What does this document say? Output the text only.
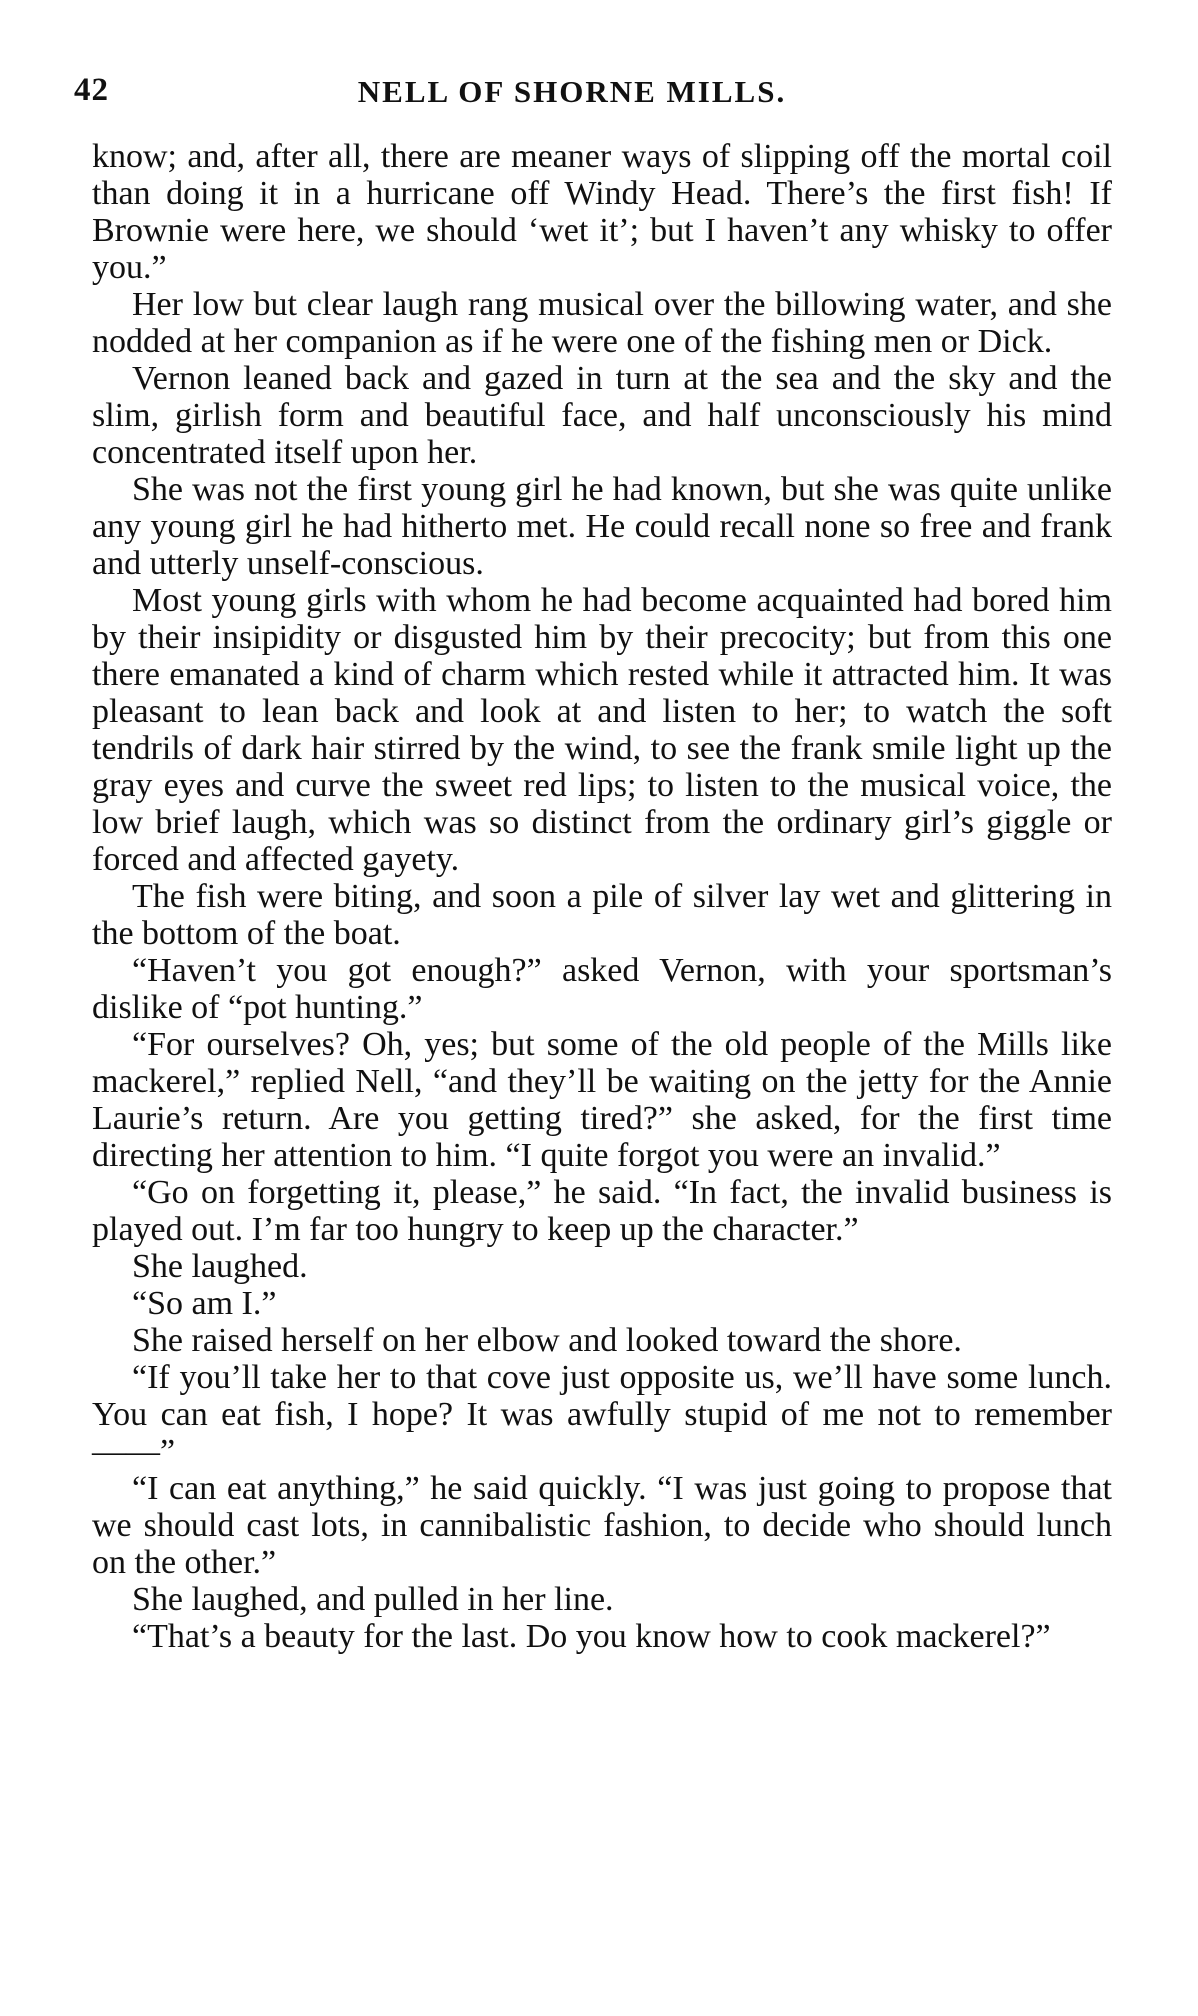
42	NELL OF SHORNE MILLS.

know; and, after all, there are meaner ways of slipping off the mortal coil than doing it in a hurricane off Windy Head. There’s the first fish! If Brownie were here, we should ‘wet it’; but I haven’t any whisky to offer you.”

Her low but clear laugh rang musical over the billowing water, and she nodded at her companion as if he were one of the fishing men or Dick.

Vernon leaned back and gazed in turn at the sea and the sky and the slim, girlish form and beautiful face, and half unconsciously his mind concentrated itself upon her.

She was not the first young girl he had known, but she was quite unlike any young girl he had hitherto met. He could recall none so free and frank and utterly unself-conscious.

Most young girls with whom he had become acquainted had bored him by their insipidity or disgusted him by their precocity; but from this one there emanated a kind of charm which rested while it attracted him. It was pleasant to lean back and look at and listen to her; to watch the soft tendrils of dark hair stirred by the wind, to see the frank smile light up the gray eyes and curve the sweet red lips; to listen to the musical voice, the low brief laugh, which was so distinct from the ordinary girl’s giggle or forced and affected gayety.

The fish were biting, and soon a pile of silver lay wet and glittering in the bottom of the boat.

“Haven’t you got enough?” asked Vernon, with your sportsman’s dislike of “pot hunting.”

“For ourselves? Oh, yes; but some of the old people of the Mills like mackerel,” replied Nell, “and they’ll be waiting on the jetty for the Annie Laurie’s return. Are you getting tired?” she asked, for the first time directing her attention to him. “I quite forgot you were an invalid.”

“Go on forgetting it, please,” he said. “In fact, the invalid business is played out. I’m far too hungry to keep up the character.”

She laughed.

“So am I.”

She raised herself on her elbow and looked toward the shore.

“If you’ll take her to that cove just opposite us, we’ll have some lunch. You can eat fish, I hope? It was awfully stupid of me not to remember——”

“I can eat anything,” he said quickly. “I was just going to propose that we should cast lots, in cannibalistic fashion, to decide who should lunch on the other.”

She laughed, and pulled in her line.

“That’s a beauty for the last. Do you know how to cook mackerel?”
